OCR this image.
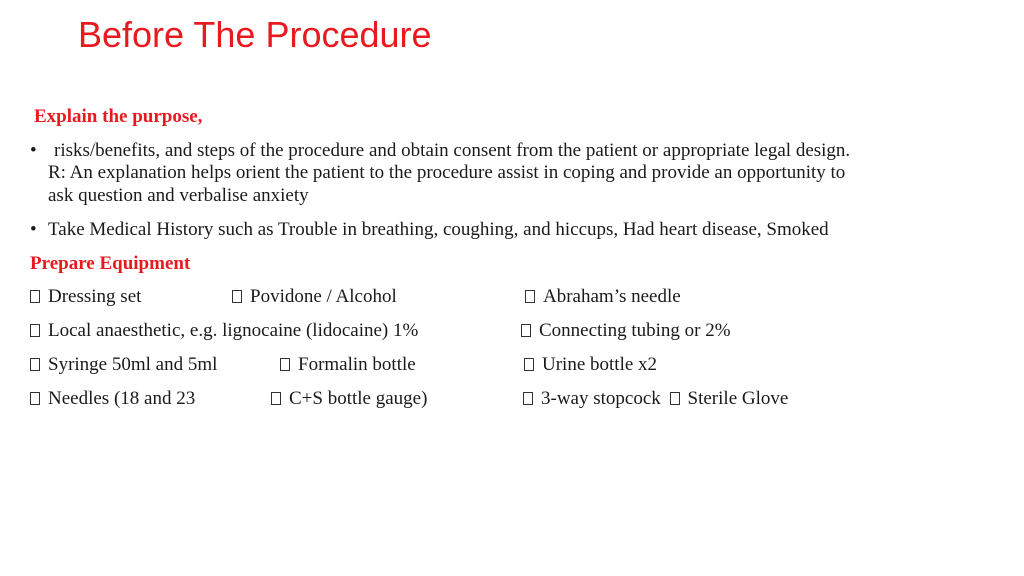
Before The Procedure
Explain the purpose,
• risks/benefits, and steps of the procedure and obtain consent from the patient or appropriate legal design.
R: An explanation helps orient the patient to the procedure assist in coping and provide an opportunity to
ask question and verbalise anxiety
• Take Medical History such as Trouble in breathing, coughing, and hiccups, Had heart disease, Smoked
Prepare Equipment
Dressing set	Povidone / Alcohol	Abraham’s needle
Local anaesthetic, e.g. lignocaine (lidocaine) 1%	Connecting tubing or 2%
Syringe 50ml and 5ml	Formalin bottle	Urine bottle x2
Needles (18 and 23	C+S bottle gauge)	3-way stopcock Sterile Glove
